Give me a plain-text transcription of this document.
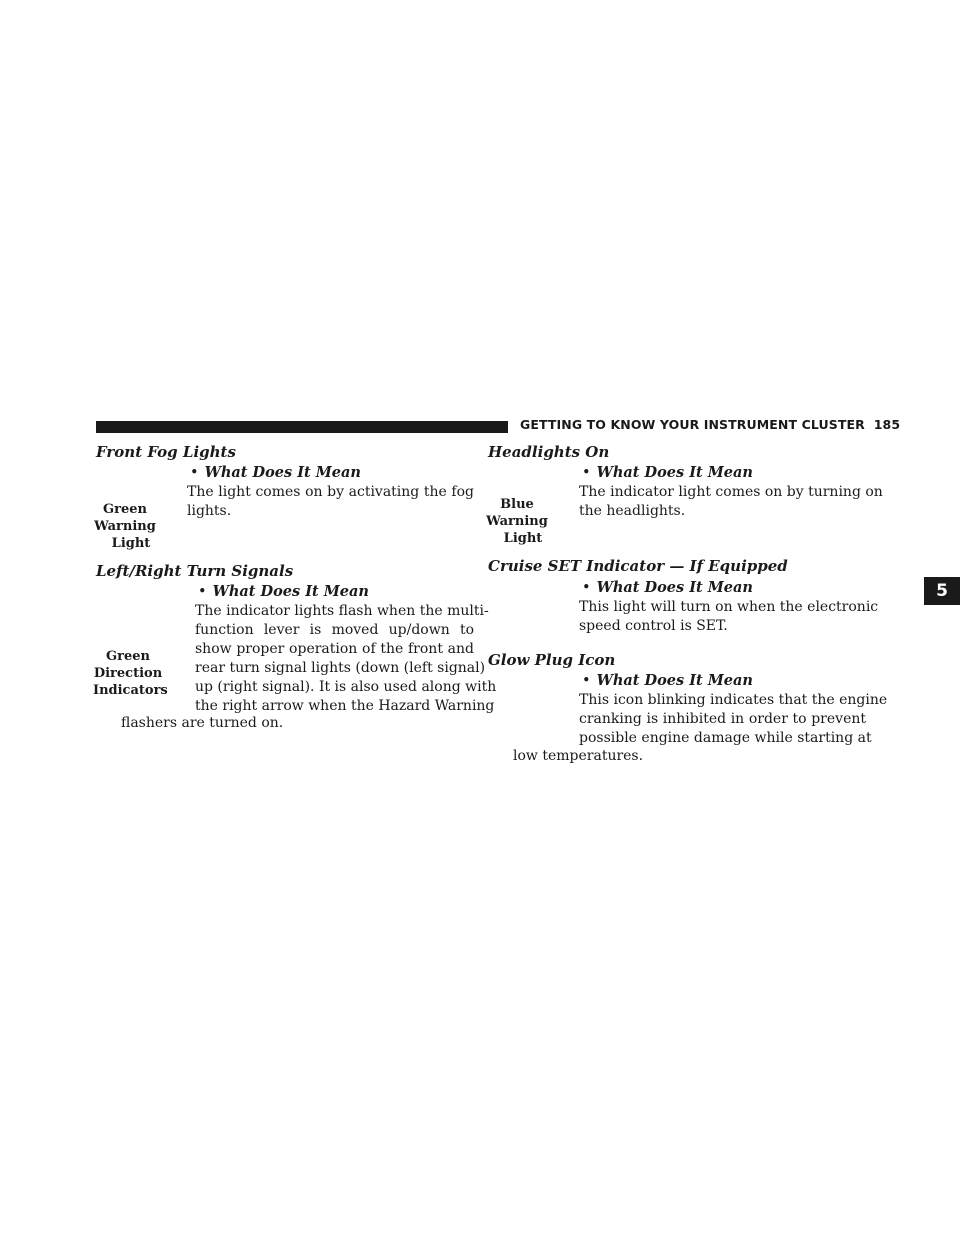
GETTING TO KNOW YOUR INSTRUMENT CLUSTER 185
5
Front Fog Lights
• What Does It Mean
The light comes on by activating the fog
lights.
Green
Warning
Light
Left/Right Turn Signals
• What Does It Mean
The indicator lights flash when the multi-
function lever is moved up/down to
show proper operation of the front and
rear turn signal lights (down (left signal)
up (right signal). It is also used along with
the right arrow when the Hazard Warning
Green
Direction
Indicators
flashers are turned on.
Headlights On
• What Does It Mean
The indicator light comes on by turning on
the headlights.
Blue
Warning
Light
Cruise SET Indicator — If Equipped
• What Does It Mean
This light will turn on when the electronic
speed control is SET.
Glow Plug Icon
• What Does It Mean
This icon blinking indicates that the engine
cranking is inhibited in order to prevent
possible engine damage while starting at
low temperatures.
